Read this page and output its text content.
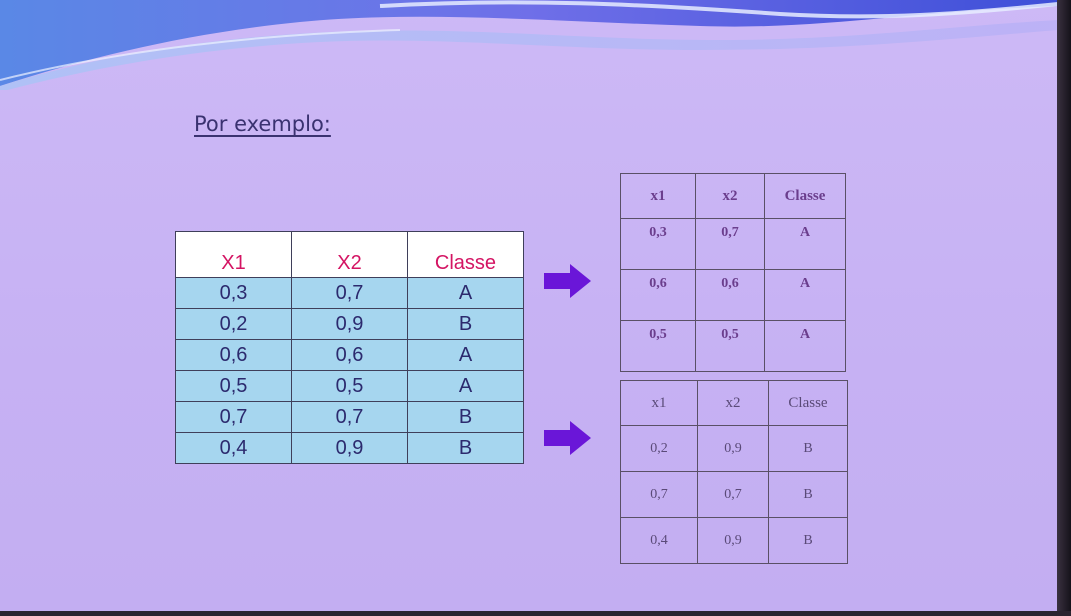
Por exemplo:
X1	X2	Classe
0,3	0,7	A
0,2	0,9	B
0,6	0,6	A
0,5	0,5	A
0,7	0,7	B
0,4	0,9	B
x1	x2	Classe
0,3	0,7	A
0,6	0,6	A
0,5	0,5	A
x1	x2	Classe
0,2	0,9	B
0,7	0,7	B
0,4	0,9	B
